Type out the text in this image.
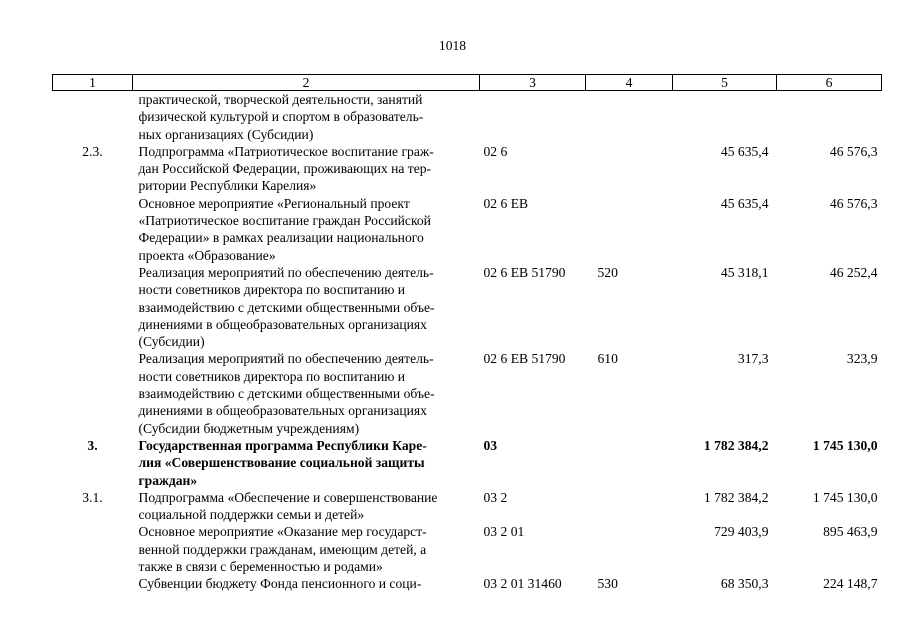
1018
1	2	3	4	5	6

	практической, творческой деятельности, занятий
физической культурой и спортом в образователь-
ных организациях (Субсидии)				

2.3.	Подпрограмма «Патриотическое воспитание граж-
дан Российской Федерации, проживающих на тер-
ритории Республики Карелия»	02 6		45 635,4	46 576,3

	Основное мероприятие «Региональный проект
«Патриотическое воспитание граждан Российской
Федерации» в рамках реализации национального
проекта «Образование»	02 6 EB		45 635,4	46 576,3

	Реализация мероприятий по обеспечению деятель-
ности советников директора по воспитанию и
взаимодействию с детскими общественными объе-
динениями в общеобразовательных организациях
(Субсидии)	02 6 EB 51790	520	45 318,1	46 252,4

	Реализация мероприятий по обеспечению деятель-
ности советников директора по воспитанию и
взаимодействию с детскими общественными объе-
динениями в общеобразовательных организациях
(Субсидии бюджетным учреждениям)	02 6 EB 51790	610	317,3	323,9
3.	Государственная программа Республики Каре-
лия «Совершенствование социальной защиты
граждан»	03		1 782 384,2	1 745 130,0
3.1.	Подпрограмма «Обеспечение и совершенствование
социальной поддержки семьи и детей»	03 2		1 782 384,2	1 745 130,0

	Основное мероприятие «Оказание мер государст-
венной поддержки гражданам, имеющим детей, а
также в связи с беременностью и родами»	03 2 01		729 403,9	895 463,9

	Субвенции бюджету Фонда пенсионного и соци-	03 2 01 31460	530	68 350,3	224 148,7
